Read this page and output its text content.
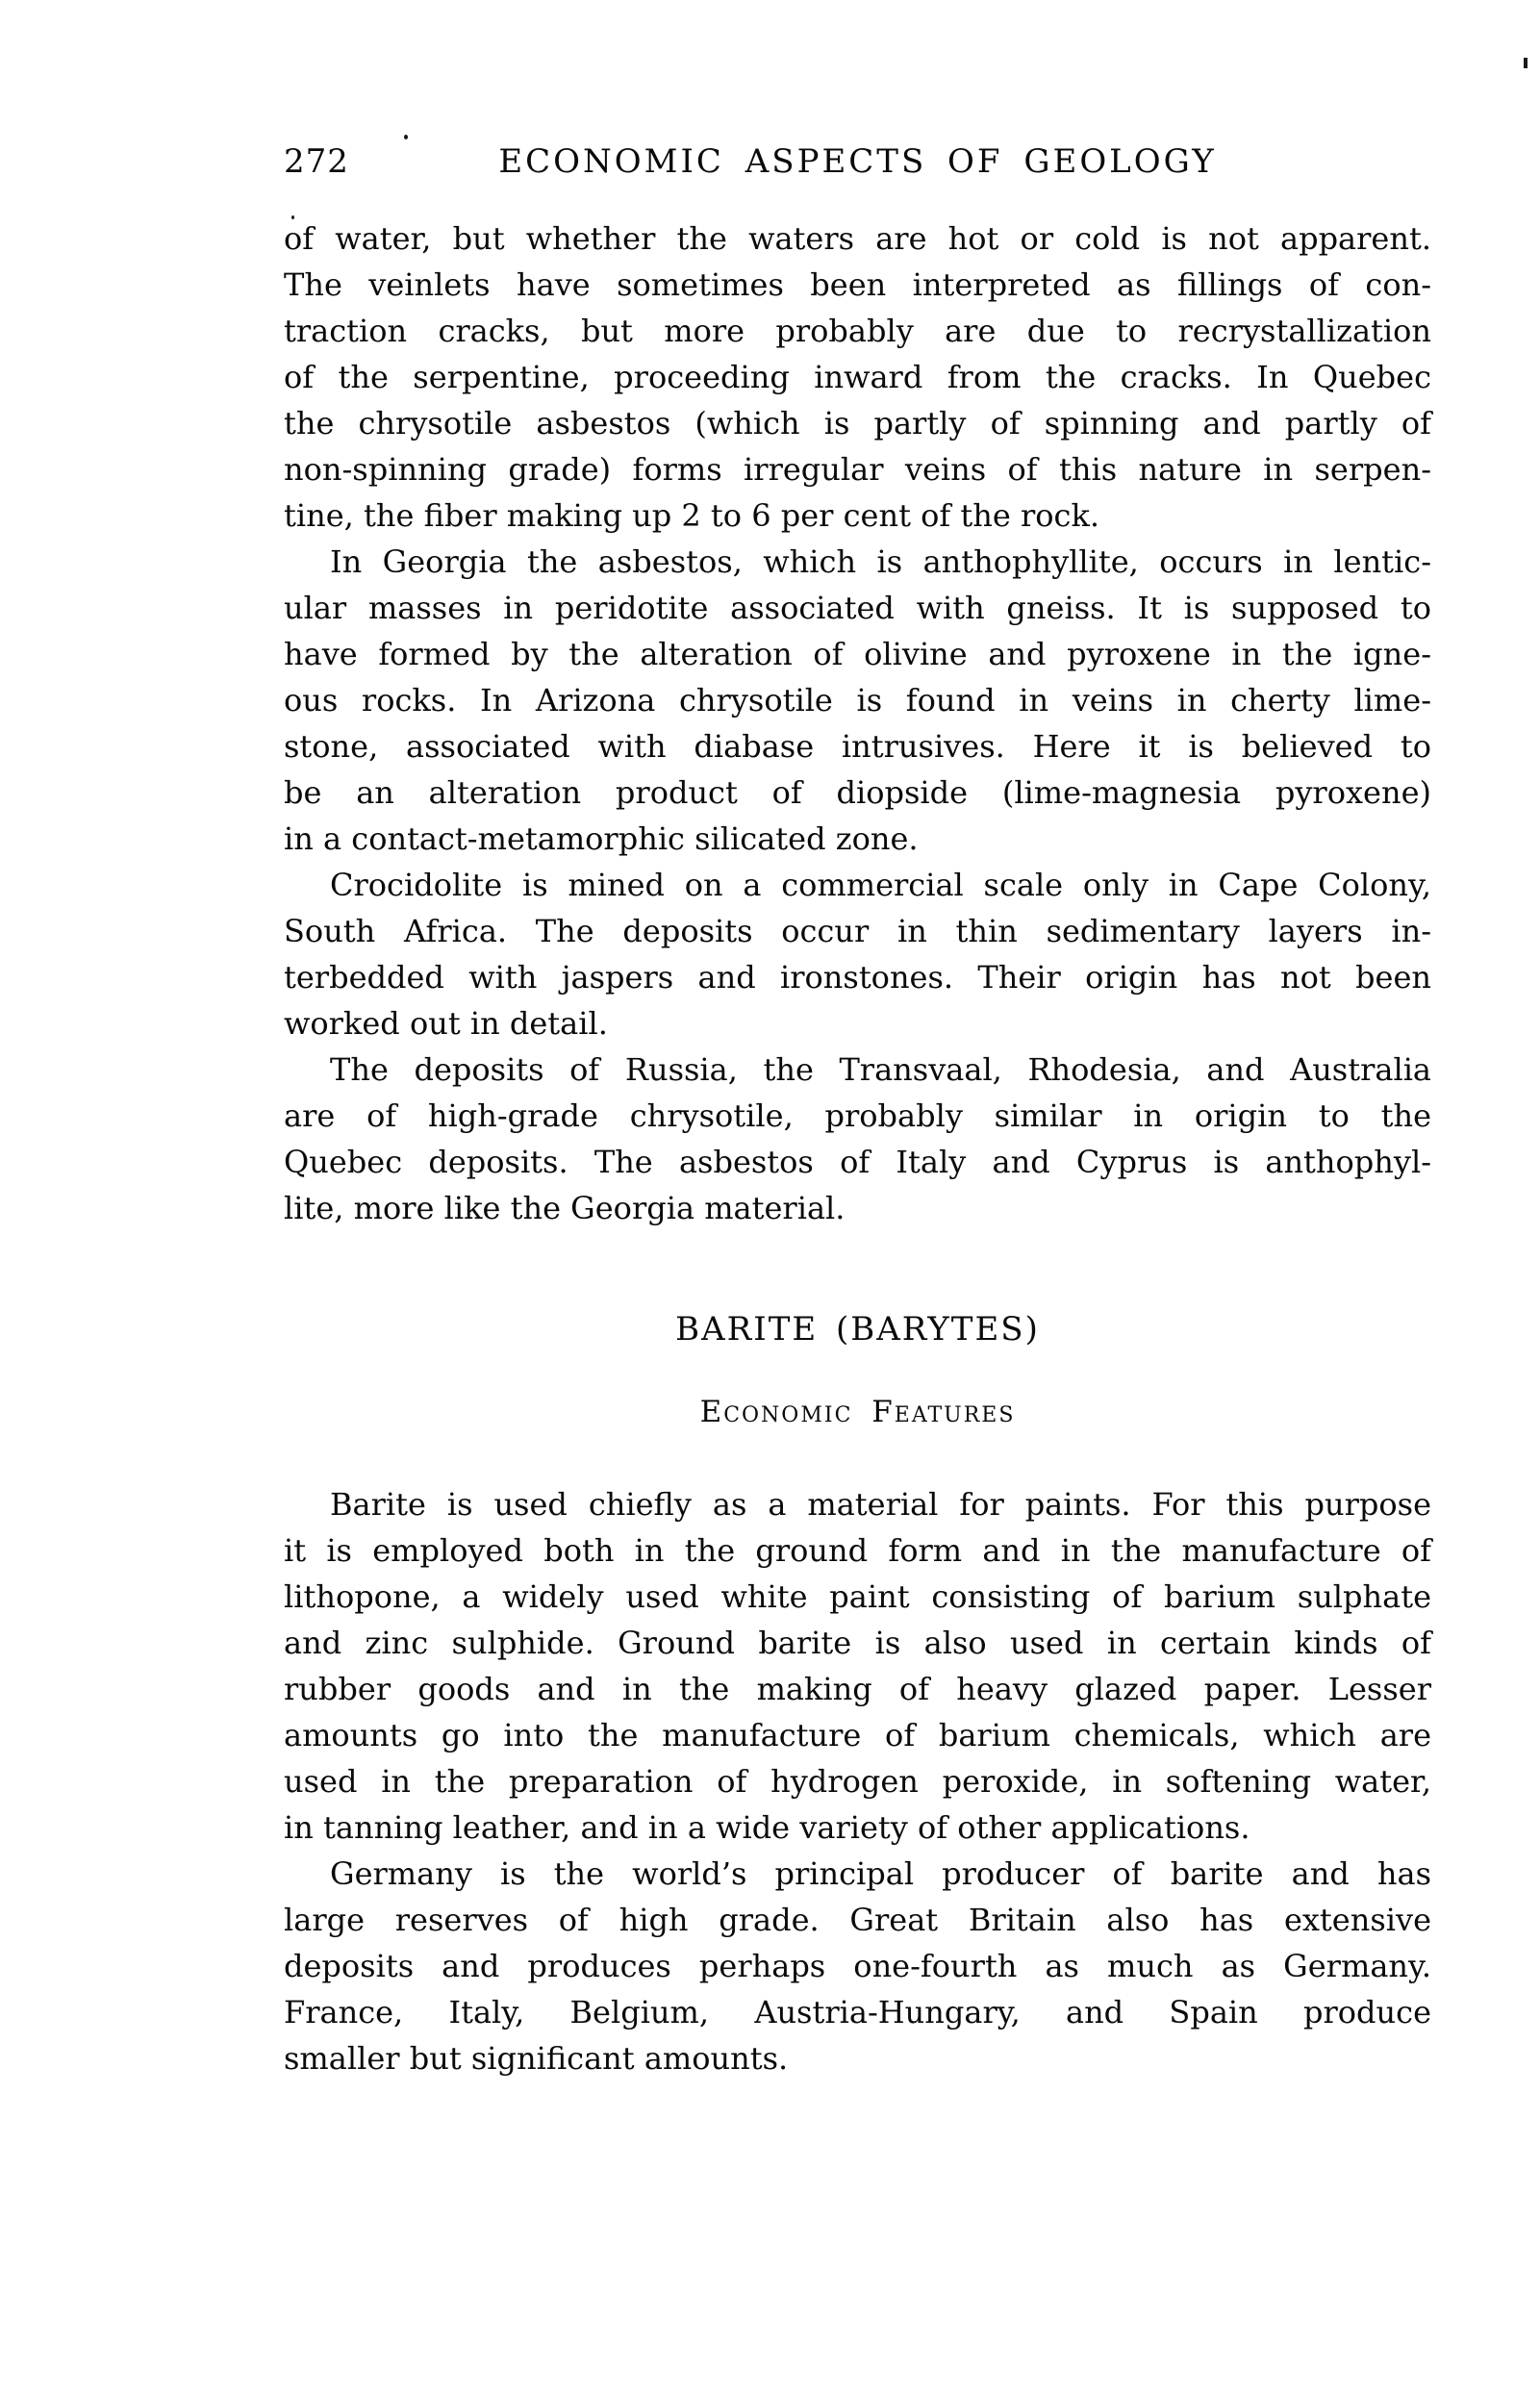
272	ECONOMIC ASPECTS OF GEOLOGY
of water, but whether the waters are hot or cold is not apparent.
The veinlets have sometimes been interpreted as fillings of con-
traction cracks, but more probably are due to recrystallization
of the serpentine, proceeding inward from the cracks. In Quebec
the chrysotile asbestos (which is partly of spinning and partly of
non-spinning grade) forms irregular veins of this nature in serpen-
tine, the fiber making up 2 to 6 per cent of the rock.
In Georgia the asbestos, which is anthophyllite, occurs in lentic-
ular masses in peridotite associated with gneiss. It is supposed to
have formed by the alteration of olivine and pyroxene in the igne-
ous rocks. In Arizona chrysotile is found in veins in cherty lime-
stone, associated with diabase intrusives. Here it is believed to
be an alteration product of diopside (lime-magnesia pyroxene)
in a contact-metamorphic silicated zone.
Crocidolite is mined on a commercial scale only in Cape Colony,
South Africa. The deposits occur in thin sedimentary layers in-
terbedded with jaspers and ironstones. Their origin has not been
worked out in detail.
The deposits of Russia, the Transvaal, Rhodesia, and Australia
are of high-grade chrysotile, probably similar in origin to the
Quebec deposits. The asbestos of Italy and Cyprus is anthophyl-
lite, more like the Georgia material.
BARITE (BARYTES)
Economic Features
Barite is used chiefly as a material for paints. For this purpose
it is employed both in the ground form and in the manufacture of
lithopone, a widely used white paint consisting of barium sulphate
and zinc sulphide. Ground barite is also used in certain kinds of
rubber goods and in the making of heavy glazed paper. Lesser
amounts go into the manufacture of barium chemicals, which are
used in the preparation of hydrogen peroxide, in softening water,
in tanning leather, and in a wide variety of other applications.
Germany is the world’s principal producer of barite and has
large reserves of high grade. Great Britain also has extensive
deposits and produces perhaps one-fourth as much as Germany.
France, Italy, Belgium, Austria-Hungary, and Spain produce
smaller but significant amounts.
